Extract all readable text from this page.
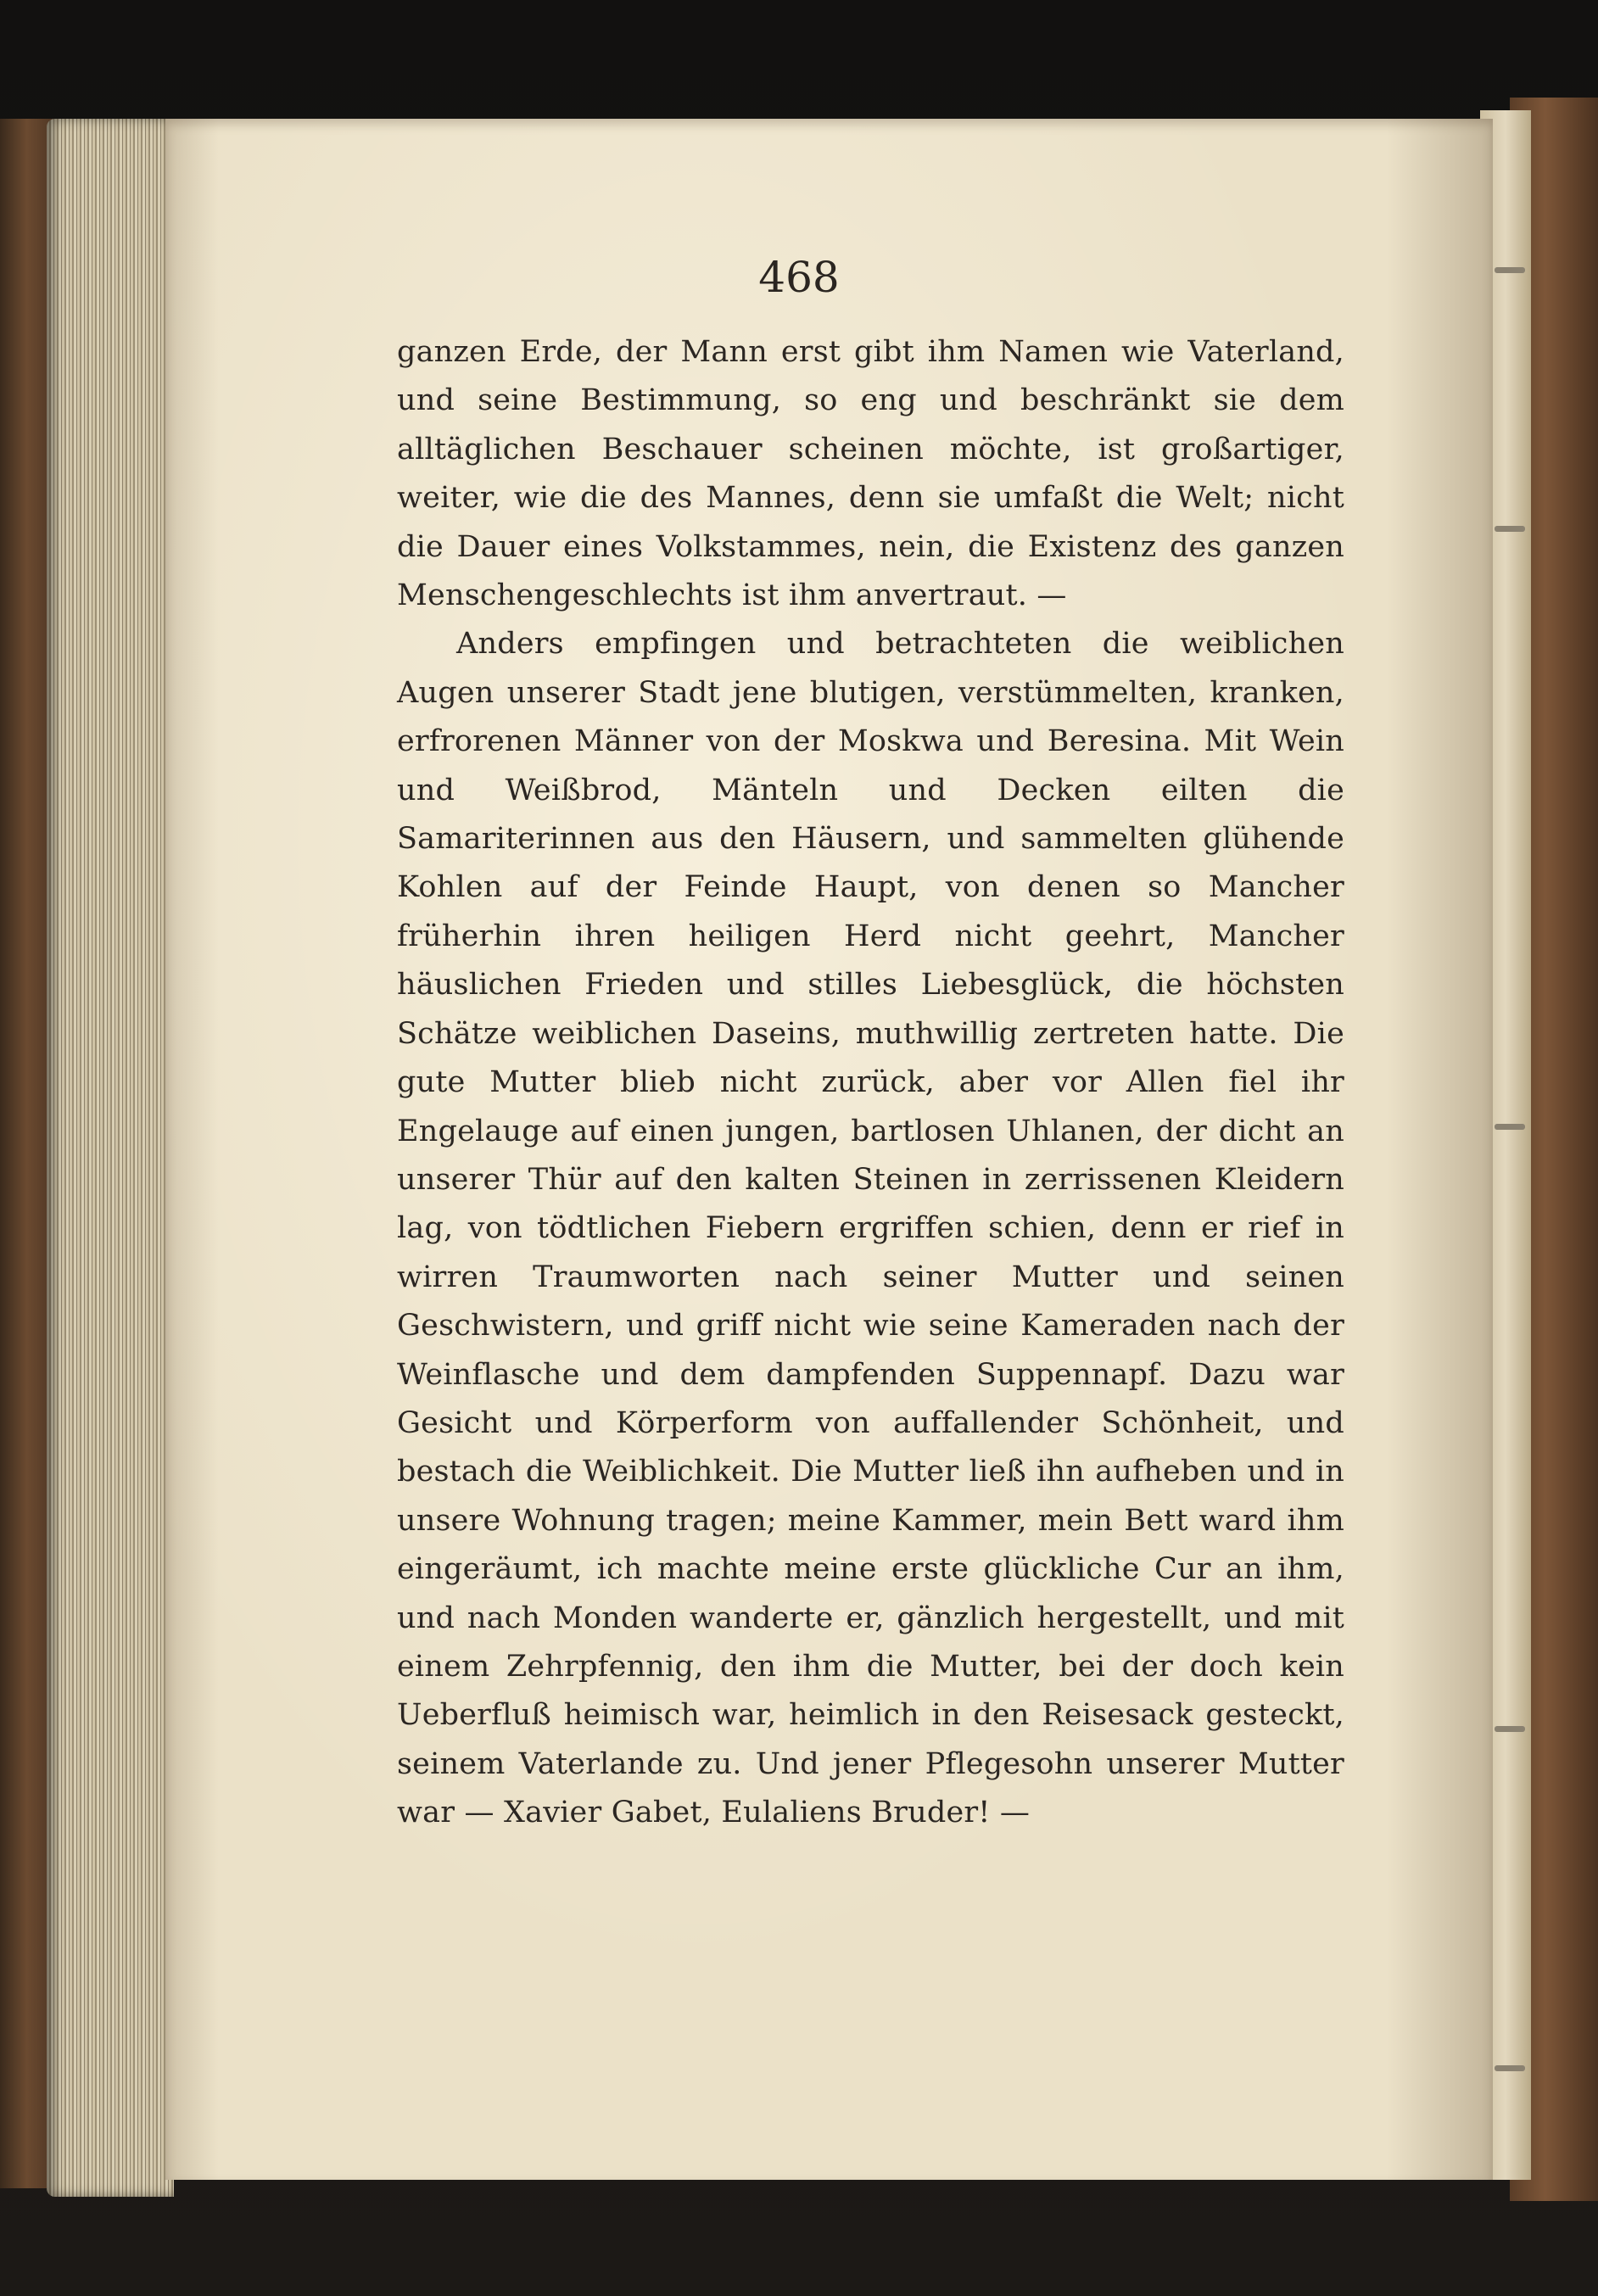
468

ganzen Erde, der Mann erst gibt ihm Namen wie Vaterland, und seine Bestimmung, so eng und beschränkt sie dem alltäglichen Beschauer scheinen möchte, ist großartiger, weiter, wie die des Mannes, denn sie umfaßt die Welt; nicht die Dauer eines Volkstammes, nein, die Existenz des ganzen Menschengeschlechts ist ihm anvertraut. —

Anders empfingen und betrachteten die weiblichen Augen unserer Stadt jene blutigen, verstümmelten, kranken, erfrorenen Männer von der Moskwa und Beresina. Mit Wein und Weißbrod, Mänteln und Decken eilten die Samariterinnen aus den Häusern, und sammelten glühende Kohlen auf der Feinde Haupt, von denen so Mancher früherhin ihren heiligen Herd nicht geehrt, Mancher häuslichen Frieden und stilles Liebesglück, die höchsten Schätze weiblichen Daseins, muthwillig zertreten hatte. Die gute Mutter blieb nicht zurück, aber vor Allen fiel ihr Engelauge auf einen jungen, bartlosen Uhlanen, der dicht an unserer Thür auf den kalten Steinen in zerrissenen Kleidern lag, von tödtlichen Fiebern ergriffen schien, denn er rief in wirren Traumworten nach seiner Mutter und seinen Geschwistern, und griff nicht wie seine Kameraden nach der Weinflasche und dem dampfenden Suppennapf. Dazu war Gesicht und Körperform von auffallender Schönheit, und bestach die Weiblichkeit. Die Mutter ließ ihn aufheben und in unsere Wohnung tragen; meine Kammer, mein Bett ward ihm eingeräumt, ich machte meine erste glückliche Cur an ihm, und nach Monden wanderte er, gänzlich hergestellt, und mit einem Zehrpfennig, den ihm die Mutter, bei der doch kein Ueberfluß heimisch war, heimlich in den Reisesack gesteckt, seinem Vaterlande zu. Und jener Pflegesohn unserer Mutter war — Xavier Gabet, Eulaliens Bruder! —
